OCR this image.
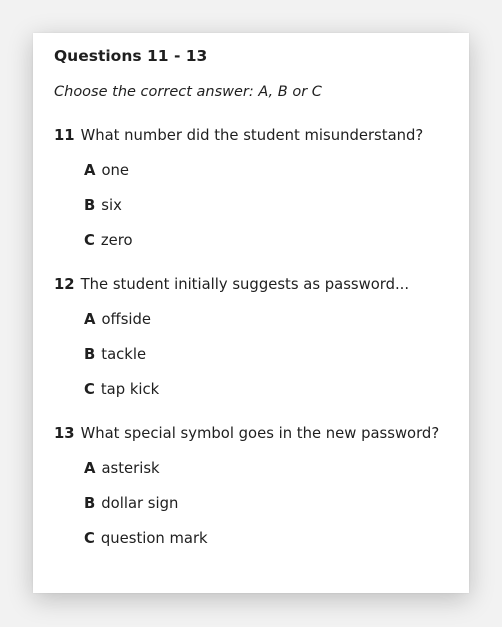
Questions 11 - 13
Choose the correct answer: A, B or C
11 What number did the student misunderstand?
A one
B six
C zero
12 The student initially suggests as password...
A offside
B tackle
C tap kick
13 What special symbol goes in the new password?
A asterisk
B dollar sign
C question mark
